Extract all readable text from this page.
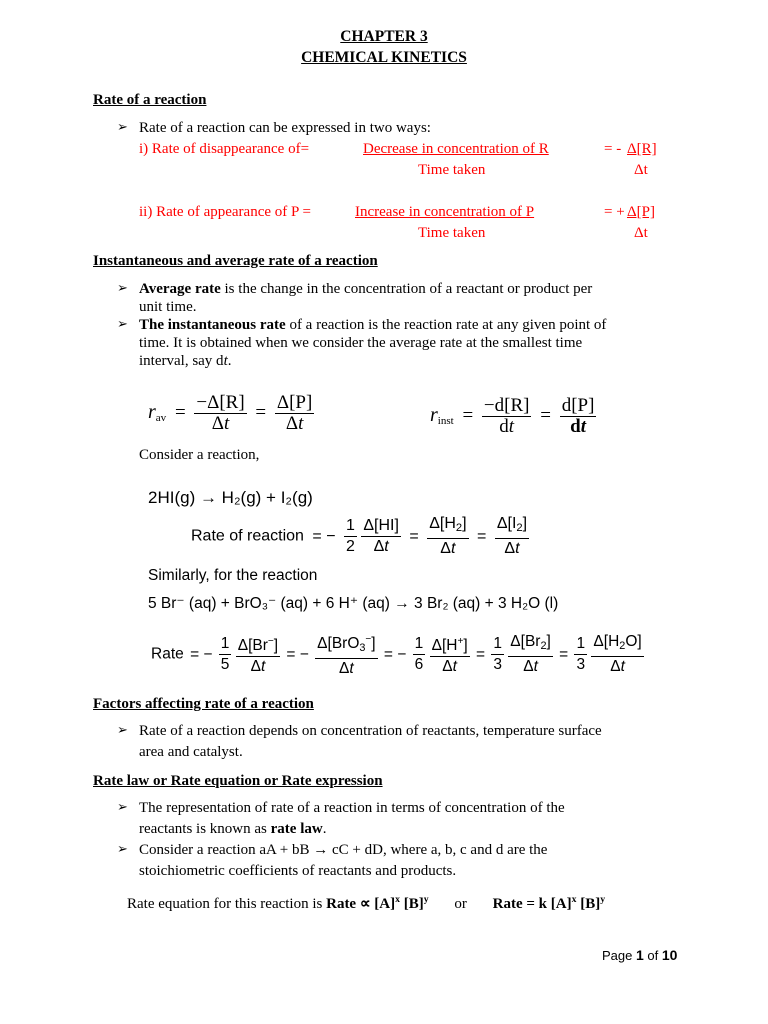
CHAPTER 3
CHEMICAL KINETICS
Rate of a reaction
➢ Rate of a reaction can be expressed in two ways:
i) Rate of disappearance of=	Decrease in concentration of R	= - Δ[R]
Time taken	Δt
ii) Rate of appearance of P =	Increase in concentration of P	= + Δ[P]
Time taken	Δt
Instantaneous and average rate of a reaction
➢ Average rate is the change in the concentration of a reactant or product per
unit time.
➢ The instantaneous rate of a reaction is the reaction rate at any given point of
time. It is obtained when we consider the average rate at the smallest time
interval, say dt.
$r_{av} = \frac{-\Delta[R]}{\Delta t} = \frac{\Delta[P]}{\Delta t}$	$r_{inst} = \frac{-d[R]}{dt} = \frac{d[P]}{dt}$
Consider a reaction,
2HI(g) → H₂(g) + I₂(g)
Rate of reaction = − $\frac{1}{2}$
$\frac{\Delta[HI]}{\Delta t} = \frac{\Delta[H_2]}{\Delta t} = \frac{\Delta[I_2]}{\Delta t}$
Similarly, for the reaction
5 Br⁻ (aq) + BrO₃⁻ (aq) + 6 H⁺ (aq) → 3 Br₂ (aq) + 3 H₂O (l)
Rate = − $\frac{1}{5}$
$\frac{\Delta[Br^-]}{\Delta t}$ = − $\frac{\Delta[BrO_3^-]}{\Delta t}$ = − $\frac{1}{6}$
$\frac{\Delta[H^+]}{\Delta t} = \frac{1}{3}$
$\frac{\Delta[Br_2]}{\Delta t} = \frac{1}{3}$
$\frac{\Delta[H_2O]}{\Delta t}$
Factors affecting rate of a reaction
➢ Rate of a reaction depends on concentration of reactants, temperature surface
area and catalyst.
Rate law or Rate equation or Rate expression
➢ The representation of rate of a reaction in terms of concentration of the
reactants is known as rate law.
➢ Consider a reaction aA + bB → cC + dD, where a, b, c and d are the
stoichiometric coefficients of reactants and products.
Rate equation for this reaction is Rate ∝ $[A]^x$ $[B]^y$ or Rate = k $[A]^x$ $[B]^y$
Page 1 of 10
